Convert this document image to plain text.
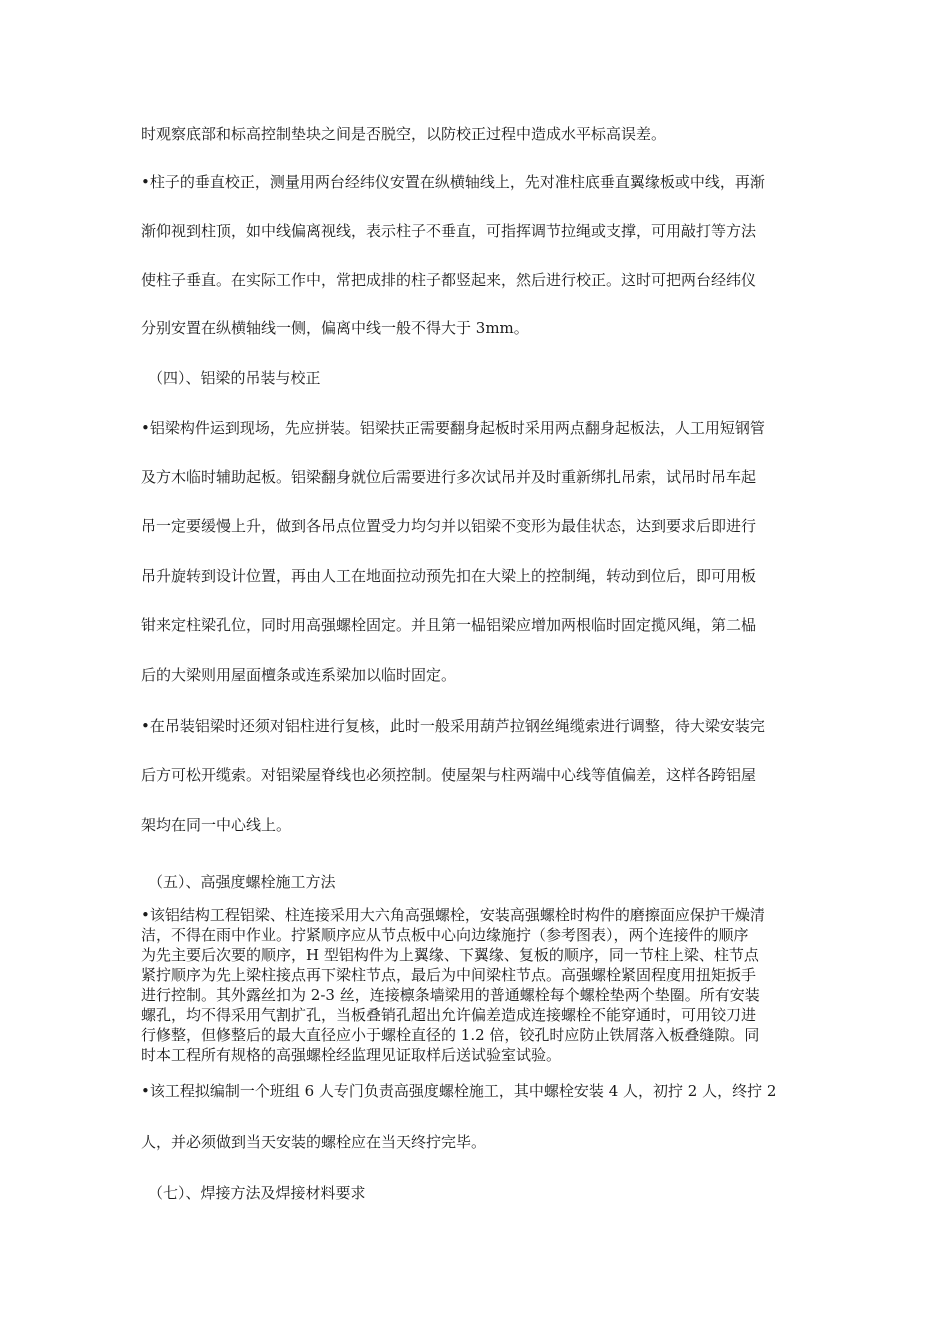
时观察底部和标高控制垫块之间是否脱空，以防校正过程中造成水平标高误差。
•柱子的垂直校正，测量用两台经纬仪安置在纵横轴线上，先对准柱底垂直翼缘板或中线，再渐
渐仰视到柱顶，如中线偏离视线，表示柱子不垂直，可指挥调节拉绳或支撑，可用敲打等方法
使柱子垂直。在实际工作中，常把成排的柱子都竖起来，然后进行校正。这时可把两台经纬仪
分别安置在纵横轴线一侧，偏离中线一般不得大于 3mm。
（四）、铝梁的吊装与校正
•铝梁构件运到现场，先应拼装。铝梁扶正需要翻身起板时采用两点翻身起板法，人工用短钢管
及方木临时辅助起板。铝梁翻身就位后需要进行多次试吊并及时重新绑扎吊索，试吊时吊车起
吊一定要缓慢上升，做到各吊点位置受力均匀并以铝梁不变形为最佳状态，达到要求后即进行
吊升旋转到设计位置，再由人工在地面拉动预先扣在大梁上的控制绳，转动到位后，即可用板
钳来定柱梁孔位，同时用高强螺栓固定。并且第一榀铝梁应增加两根临时固定揽风绳，第二榀
后的大梁则用屋面檀条或连系梁加以临时固定。
•在吊装铝梁时还须对铝柱进行复核，此时一般采用葫芦拉钢丝绳缆索进行调整，待大梁安装完
后方可松开缆索。对铝梁屋脊线也必须控制。使屋架与柱两端中心线等值偏差，这样各跨铝屋
架均在同一中心线上。
（五）、高强度螺栓施工方法
•该铝结构工程铝梁、柱连接采用大六角高强螺栓，安装高强螺栓时构件的磨擦面应保护干燥清
洁，不得在雨中作业。拧紧顺序应从节点板中心向边缘施拧（参考图表），两个连接件的顺序
为先主要后次要的顺序，H 型铝构件为上翼缘、下翼缘、复板的顺序，同一节柱上梁、柱节点
紧拧顺序为先上梁柱接点再下梁柱节点，最后为中间梁柱节点。高强螺栓紧固程度用扭矩扳手
进行控制。其外露丝扣为 2-3 丝，连接檩条墙梁用的普通螺栓每个螺栓垫两个垫圈。所有安装
螺孔，均不得采用气割扩孔，当板叠销孔超出允许偏差造成连接螺栓不能穿通时，可用铰刀进
行修整，但修整后的最大直径应小于螺栓直径的 1.2 倍，铰孔时应防止铁屑落入板叠缝隙。同
时本工程所有规格的高强螺栓经监理见证取样后送试验室试验。
•该工程拟编制一个班组 6 人专门负责高强度螺栓施工，其中螺栓安装 4 人，初拧 2 人，终拧 2
人，并必须做到当天安装的螺栓应在当天终拧完毕。
（七）、焊接方法及焊接材料要求
